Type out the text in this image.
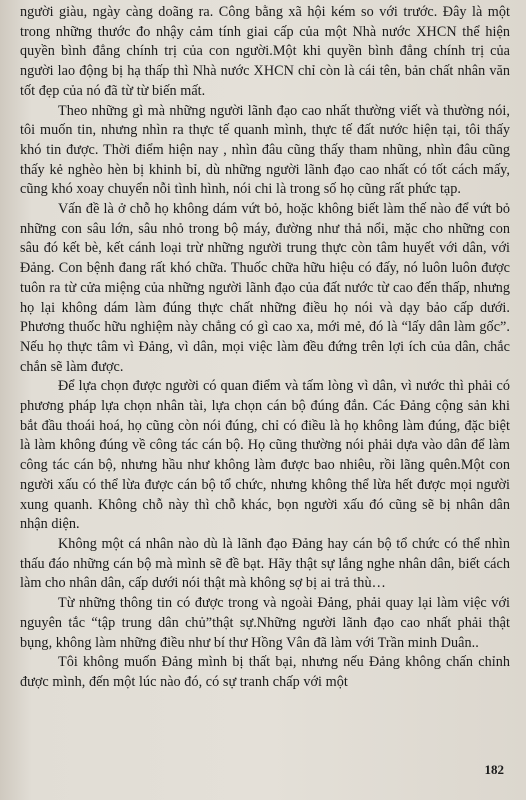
người giàu, ngày càng doãng ra. Công bằng xã hội kém so với trước. Đây là một trong những thước đo nhậy cảm tính giai cấp của một Nhà nước XHCN thể hiện quyền bình đẳng chính trị của con người.Một khi quyền bình đẳng chính trị của người lao động bị hạ thấp thì Nhà nước XHCN chỉ còn là cái tên, bản chất nhân văn tốt đẹp của nó đã từ từ biến mất.

Theo những gì mà những người lãnh đạo cao nhất thường viết và thường nói, tôi muốn tin, nhưng nhìn ra thực tế quanh mình, thực tế đất nước hiện tại, tôi thấy khó tin được. Thời điểm hiện nay , nhìn đâu cũng thấy tham nhũng, nhìn đâu cũng thấy kẻ nghèo hèn bị khinh bỉ, dù những người lãnh đạo cao nhất có tốt cách mấy, cũng khó xoay chuyển nỗi tình hình, nói chi là trong số họ cũng rất phức tạp.

Vấn đề là ở chỗ họ không dám vứt bỏ, hoặc không biết làm thế nào để vứt bỏ những con sâu lớn, sâu nhỏ trong bộ máy, đường như thả nổi, mặc cho những con sâu đó kết bè, kết cánh loại trừ những người trung thực còn tâm huyết với dân, với Đảng. Con bệnh đang rất khó chữa. Thuốc chữa hữu hiệu có đấy, nó luôn luôn được tuôn ra từ cửa miệng của những người lãnh đạo của đất nước từ cao đến thấp, nhưng họ lại không dám làm đúng thực chất những điều họ nói và dạy bảo cấp dưới. Phương thuốc hữu nghiệm này chẳng có gì cao xa, mới mẻ, đó là “lấy dân làm gốc”. Nếu họ thực tâm vì Đảng, vì dân, mọi việc làm đều đứng trên lợi ích của dân, chắc chắn sẽ làm được.

Để lựa chọn được người có quan điểm và tấm lòng vì dân, vì nước thì phải có phương pháp lựa chọn nhân tài, lựa chọn cán bộ đúng đắn. Các Đảng cộng sản khi bắt đầu thoái hoá, họ cũng còn nói đúng, chỉ có điều là họ không làm đúng, đặc biệt là làm không đúng về công tác cán bộ. Họ cũng thường nói phải dựa vào dân để làm công tác cán bộ, nhưng hầu như không làm được bao nhiêu, rồi lãng quên.Một con người xấu có thể lừa được cán bộ tổ chức, nhưng không thể lừa hết được mọi người xung quanh. Không chỗ này thì chỗ khác, bọn người xấu đó cũng sẽ bị nhân dân nhận diện.

Không một cá nhân nào dù là lãnh đạo Đảng hay cán bộ tổ chức có thể nhìn thấu đáo những cán bộ mà mình sẽ đề bạt. Hãy thật sự lắng nghe nhân dân, biết cách làm cho nhân dân, cấp dưới nói thật mà không sợ bị ai trả thù…

Từ những thông tin có được trong và ngoài Đảng, phải quay lại làm việc với nguyên tắc “tập trung dân chủ”thật sự.Những người lãnh đạo cao nhất phải thật bụng, không làm những điều như bí thư Hồng Vân đã làm với Trần minh Duân..

Tôi không muốn Đảng mình bị thất bại, nhưng nếu Đảng không chấn chỉnh được mình, đến một lúc nào đó, có sự tranh chấp với một

182
